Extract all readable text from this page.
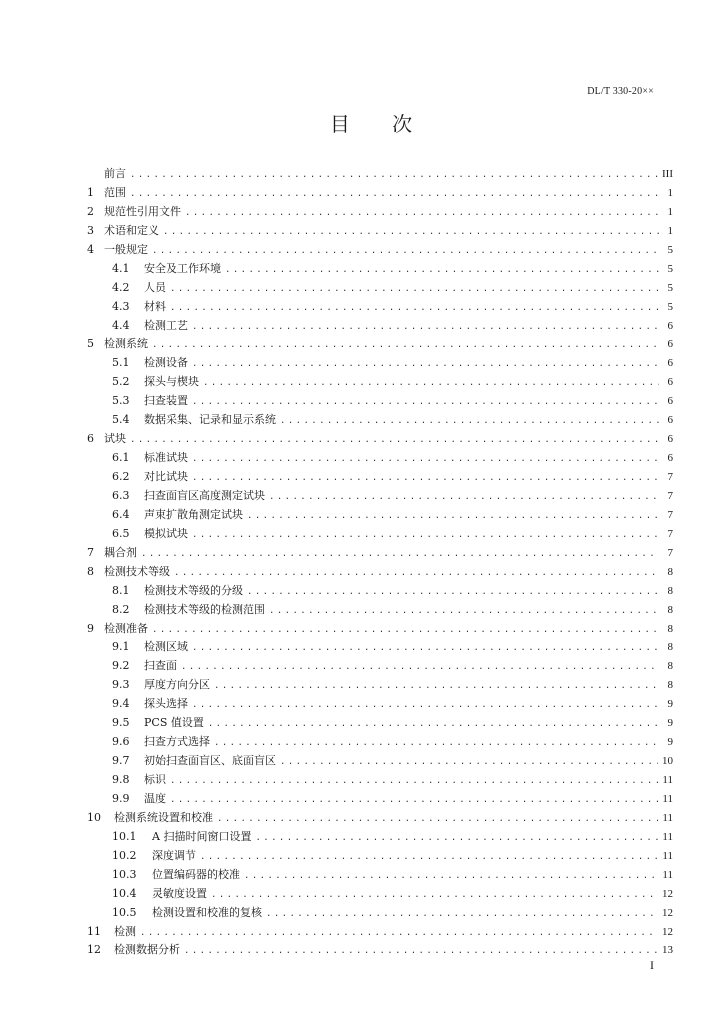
DL/T 330-20××
目 次
前言 .....	III
1 范围 .....	1
2 规范性引用文件 .....	1
3 术语和定义 .....	1
4 一般规定 .....	5
4.1	安全及工作环境 .....	5
4.2	人员 .....	5
4.3	材料 .....	5
4.4	检测工艺 .....	6
5 检测系统 .....	6
5.1	检测设备 .....	6
5.2	探头与楔块 .....	6
5.3	扫查装置 .....	6
5.4	数据采集、记录和显示系统 .....	6
6 试块 .....	6
6.1	标准试块 .....	6
6.2	对比试块 .....	7
6.3	扫查面盲区高度测定试块 .....	7
6.4	声束扩散角测定试块 .....	7
6.5	模拟试块 .....	7
7 耦合剂 .....	7
8 检测技术等级 .....	8
8.1	检测技术等级的分级 .....	8
8.2	检测技术等级的检测范围 .....	8
9 检测准备 .....	8
9.1	检测区域 .....	8
9.2	扫查面 .....	8
9.3	厚度方向分区 .....	8
9.4	探头选择 .....	9
9.5	PCS 值设置 .....	9
9.6	扫查方式选择 .....	9
9.7	初始扫查面盲区、底面盲区 .....	10
9.8	标识 .....	11
9.9	温度 .....	11
10	检测系统设置和校准 .....	11
10.1	A 扫描时间窗口设置 .....	11
10.2	深度调节 .....	11
10.3	位置编码器的校准 .....	11
10.4	灵敏度设置 .....	12
10.5	检测设置和校准的复核 .....	12
11	检测 .....	12
12	检测数据分析 .....	13
I
